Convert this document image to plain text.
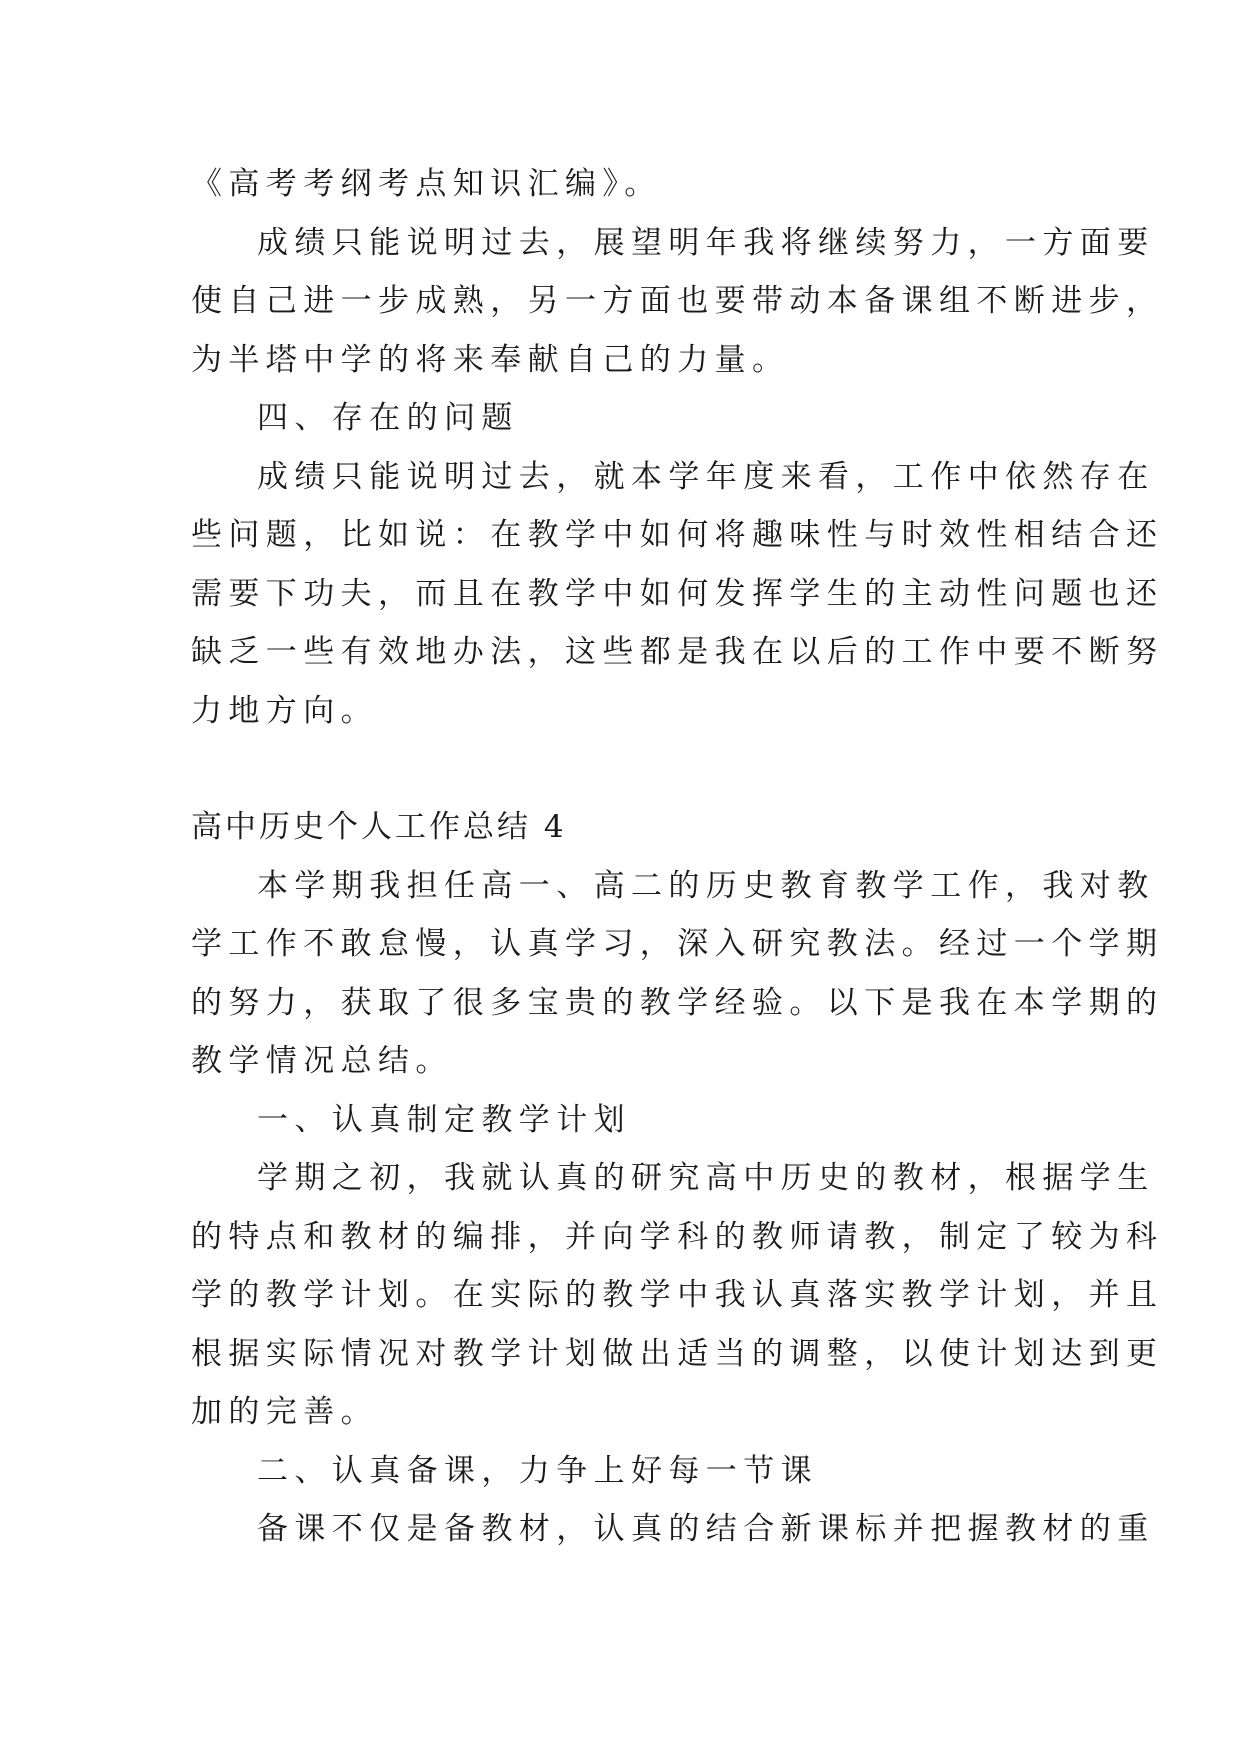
《高考考纲考点知识汇编》。
成绩只能说明过去，展望明年我将继续努力，一方面要
使自己进一步成熟，另一方面也要带动本备课组不断进步，
为半塔中学的将来奉献自己的力量。
四、存在的问题
成绩只能说明过去，就本学年度来看，工作中依然存在
些问题，比如说：在教学中如何将趣味性与时效性相结合还
需要下功夫，而且在教学中如何发挥学生的主动性问题也还
缺乏一些有效地办法，这些都是我在以后的工作中要不断努
力地方向。
高中历史个人工作总结 4
本学期我担任高一、高二的历史教育教学工作，我对教
学工作不敢怠慢，认真学习，深入研究教法。经过一个学期
的努力，获取了很多宝贵的教学经验。以下是我在本学期的
教学情况总结。
一、认真制定教学计划
学期之初，我就认真的研究高中历史的教材，根据学生
的特点和教材的编排，并向学科的教师请教，制定了较为科
学的教学计划。在实际的教学中我认真落实教学计划，并且
根据实际情况对教学计划做出适当的调整，以使计划达到更
加的完善。
二、认真备课，力争上好每一节课
备课不仅是备教材，认真的结合新课标并把握教材的重
